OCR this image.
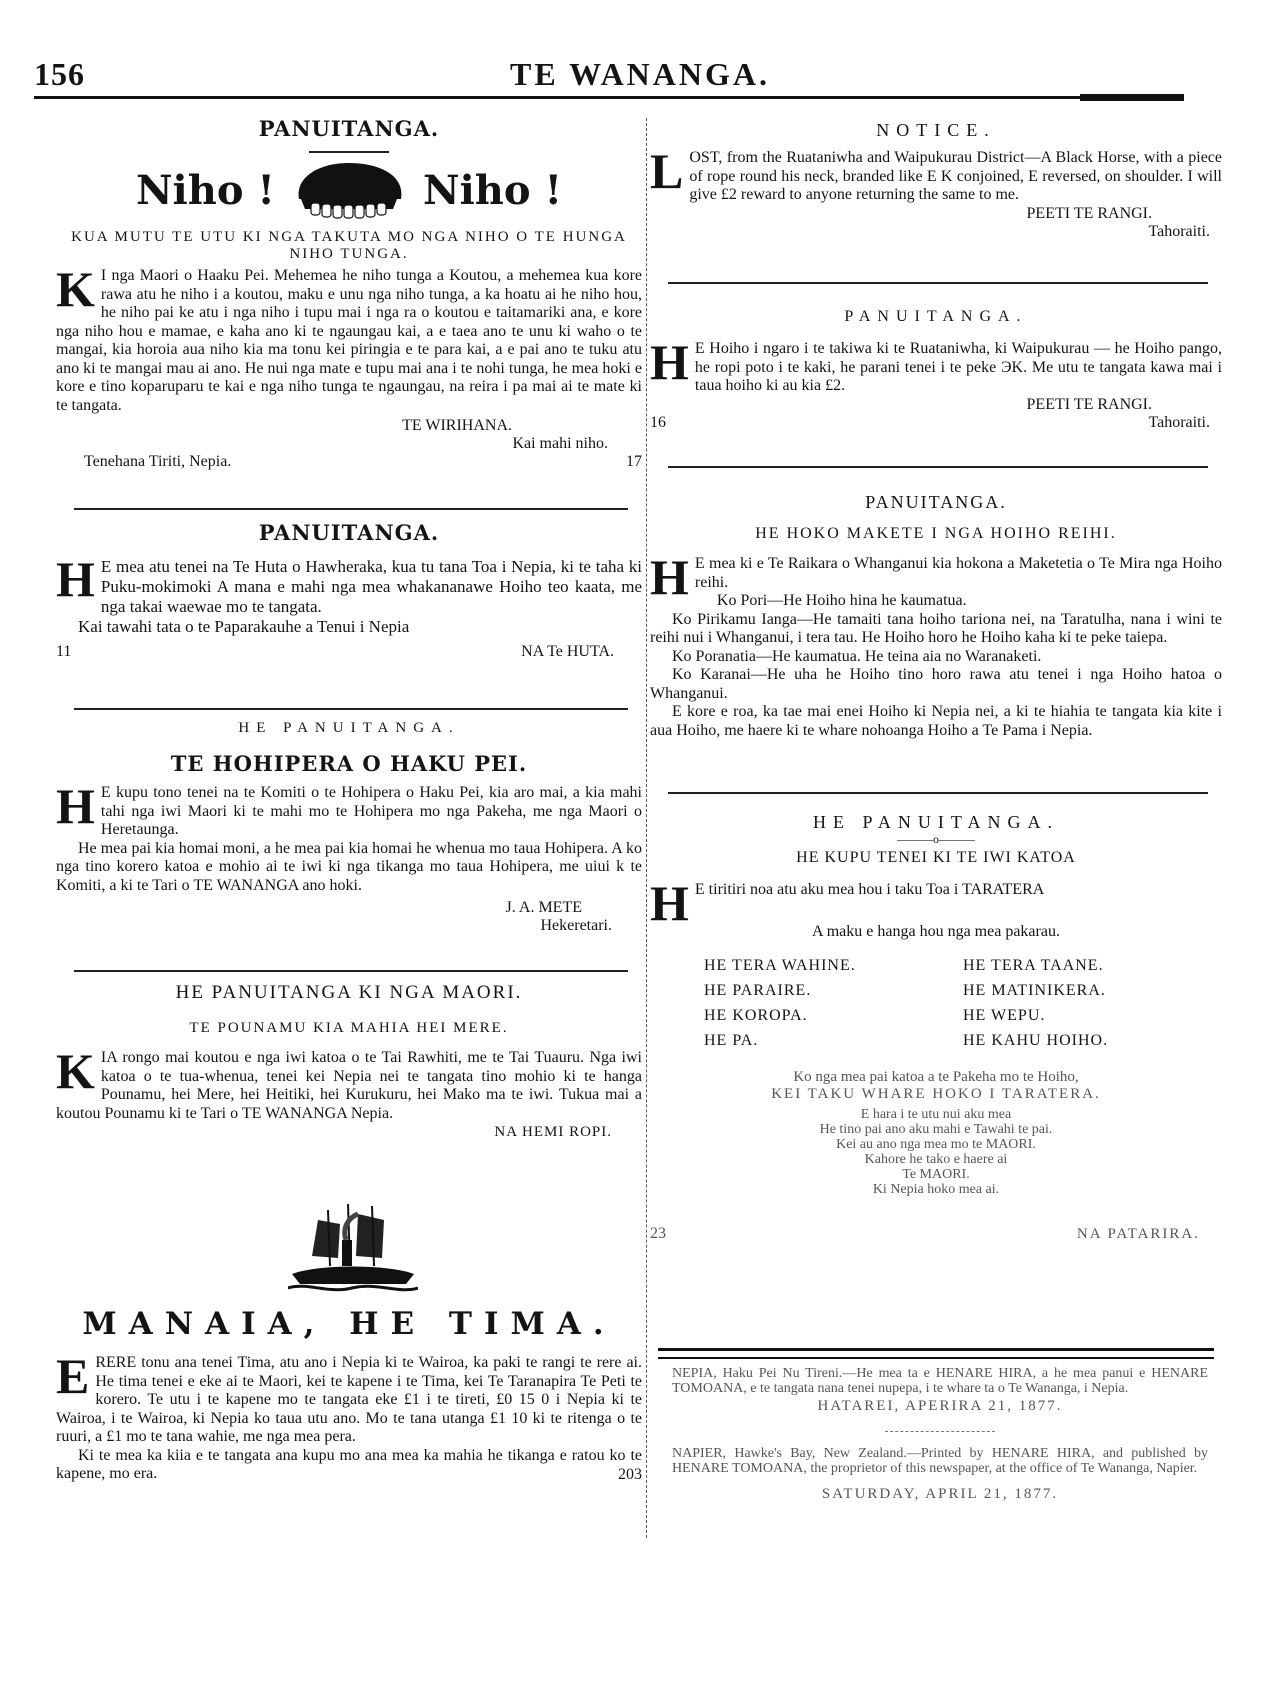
156	TE WANANGA.
PANUITANGA.
Niho !	Niho !
KUA MUTU TE UTU KI NGA TAKUTA MO NGA NIHO O TE HUNGA NIHO TUNGA.
K I nga Maori o Haaku Pei. Mehemea he niho tunga a Koutou, a mehemea kua kore rawa atu he niho i a koutou, maku e unu nga niho tunga, a ka hoatu ai he niho hou, he niho pai ke atu i nga niho i tupu mai i nga ra o koutou e taitamariki ana, e kore nga niho hou e mamae, e kaha ano ki te ngaungau kai, a e taea ano te unu ki waho o te mangai, kia horoia aua niho kia ma tonu kei piringia e te para kai, a e pai ano te tuku atu ano ki te mangai mau ai ano. He nui nga mate e tupu mai ana i te nohi tunga, he mea hoki e kore e tino koparuparu te kai e nga niho tunga te ngaungau, na reira i pa mai ai te mate ki te tangata.
TE WIRIHANA.
Kai mahi niho.
Tenehana Tiriti, Nepia.	17
PANUITANGA.
H E mea atu tenei na Te Huta o Hawheraka, kua tu tana Toa i Nepia, ki te taha ki Puku-mokimoki A mana e mahi nga mea whakananawe Hoiho teo kaata, me nga takai waewae mo te tangata.
Kai tawahi tata o te Paparakauhe a Tenui i Nepia
11	NA Te HUTA.
HE PANUITANGA.
TE HOHIPERA O HAKU PEI.
H E kupu tono tenei na te Komiti o te Hohipera o Haku Pei, kia aro mai, a kia mahi tahi nga iwi Maori ki te mahi mo te Hohipera mo nga Pakeha, me nga Maori o Heretaunga.
He mea pai kia homai moni, a he mea pai kia homai he whenua mo taua Hohipera. A ko nga tino korero katoa e mohio ai te iwi ki nga tikanga mo taua Hohipera, me uiui k te Komiti, a ki te Tari o TE WANANGA ano hoki.
J. A. METE
Hekeretari.
HE PANUITANGA KI NGA MAORI.
TE POUNAMU KIA MAHIA HEI MERE.
K IA rongo mai koutou e nga iwi katoa o te Tai Rawhiti, me te Tai Tuauru. Nga iwi katoa o te tua-whenua, tenei kei Nepia nei te tangata tino mohio ki te hanga Pounamu, hei Mere, hei Heitiki, hei Kurukuru, hei Mako ma te iwi. Tukua mai a koutou Pounamu ki te Tari o TE WANANGA Nepia.
NA HEMI ROPI.
MANAIA, HE TIMA.
E RERE tonu ana tenei Tima, atu ano i Nepia ki te Wairoa, ka paki te rangi te rere ai. He tima tenei e eke ai te Maori, kei te kapene i te Tima, kei Te Taranapira Te Peti te korero. Te utu i te kapene mo te tangata eke £1 i te tireti, £0 15 0 i Nepia ki te Wairoa, i te Wairoa, ki Nepia ko taua utu ano. Mo te tana utanga £1 10 ki te ritenga o te ruuri, a £1 mo te tana wahie, me nga mea pera.
Ki te mea ka kiia e te tangata ana kupu mo ana mea ka mahia he tikanga e ratou ko te kapene, mo era.	203
NOTICE.
L OST, from the Ruataniwha and Waipukurau District—A Black Horse, with a piece of rope round his neck, branded like E K conjoined, E reversed, on shoulder. I will give £2 reward to anyone returning the same to me.
PEETI TE RANGI.
Tahoraiti.
PANUITANGA.
H E Hoiho i ngaro i te takiwa ki te Ruataniwha, ki Waipukurau — he Hoiho pango, he ropi poto i te kaki, he parani tenei i te peke ЭK. Me utu te tangata kawa mai i taua hoiho ki au kia £2.
PEETI TE RANGI.
16	Tahoraiti.
PANUITANGA.
HE HOKO MAKETE I NGA HOIHO REIHI.
H E mea ki e Te Raikara o Whanganui kia hokona a Maketetia o Te Mira nga Hoiho reihi.

Ko Pori—He Hoiho hina he kaumatua.

Ko Pirikamu Ianga—He tamaiti tana hoiho tariona nei, na Taratulha, nana i wini te reihi nui i Whanganui, i tera tau. He Hoiho horo he Hoiho kaha ki te peke taiepa.

Ko Poranatia—He kaumatua. He teina aia no Waranaketi.

Ko Karanai—He uha he Hoiho tino horo rawa atu tenei i nga Hoiho hatoa o Whanganui.

E kore e roa, ka tae mai enei Hoiho ki Nepia nei, a ki te hiahia te tangata kia kite i aua Hoiho, me haere ki te whare nohoanga Hoiho a Te Pama i Nepia.

HE PANUITANGA.
———o———
HE KUPU TENEI KI TE IWI KATOA
H E tiritiri noa atu aku mea hou i taku Toa i TARATERA
A maku e hanga hou nga mea pakarau.
HE TERA WAHINE.	HE TERA TAANE.
HE PARAIRE.	HE MATINIKERA.
HE KOROPA.	HE WEPU.
HE PA.	HE KAHU HOIHO.
Ko nga mea pai katoa a te Pakeha mo te Hoiho,
KEI TAKU WHARE HOKO I TARATERA.
E hara i te utu nui aku mea
He tino pai ano aku mahi e Tawahi te pai.
Kei au ano nga mea mo te MAORI.
Kahore he tako e haere ai
Te MAORI.
Ki Nepia hoko mea ai.
23	NA PATARIRA.
NEPIA, Haku Pei Nu Tireni.—He mea ta e HENARE HIRA, a he mea panui e HENARE TOMOANA, e te tangata nana tenei nupepa, i te whare ta o Te Wananga, i Nepia.
HATAREI, APERIRA 21, 1877.
NAPIER, Hawke's Bay, New Zealand.—Printed by HENARE HIRA, and published by HENARE TOMOANA, the proprietor of this newspaper, at the office of Te Wananga, Napier.
SATURDAY, APRIL 21, 1877.
